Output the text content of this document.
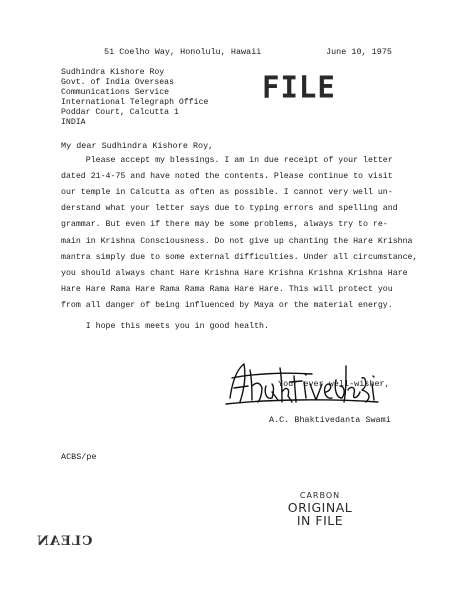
51 Coelho Way, Honolulu, Hawaii	June 10, 1975
FILE
Sudhindra Kishore Roy
Govt. of India Overseas
Communications Service
International Telegraph Office
Poddar Court, Calcutta 1
INDIA
My dear Sudhindra Kishore Roy,
Please accept my blessings. I am in due receipt of your letter
dated 21-4-75 and have noted the contents. Please continue to visit
our temple in Calcutta as often as possible. I cannot very well un-
derstand what your letter says due to typing errors and spelling and
grammar. But even if there may be some problems, always try to re-
main in Krishna Consciousness. Do not give up chanting the Hare Krishna
mantra simply due to some external difficulties. Under all circumstance,
you should always chant Hare Krishna Hare Krishna Krishna Krishna Hare
Hare Hare Rama Hare Rama Rama Rama Hare Hare. This will protect you
from all danger of being influenced by Maya or the material energy.
I hope this meets you in good health.
Your ever well-wisher,
A.C. Bhaktivedanta Swami
ACBS/pe
CARBON
ORIGINAL
IN FILE
CLEAN
